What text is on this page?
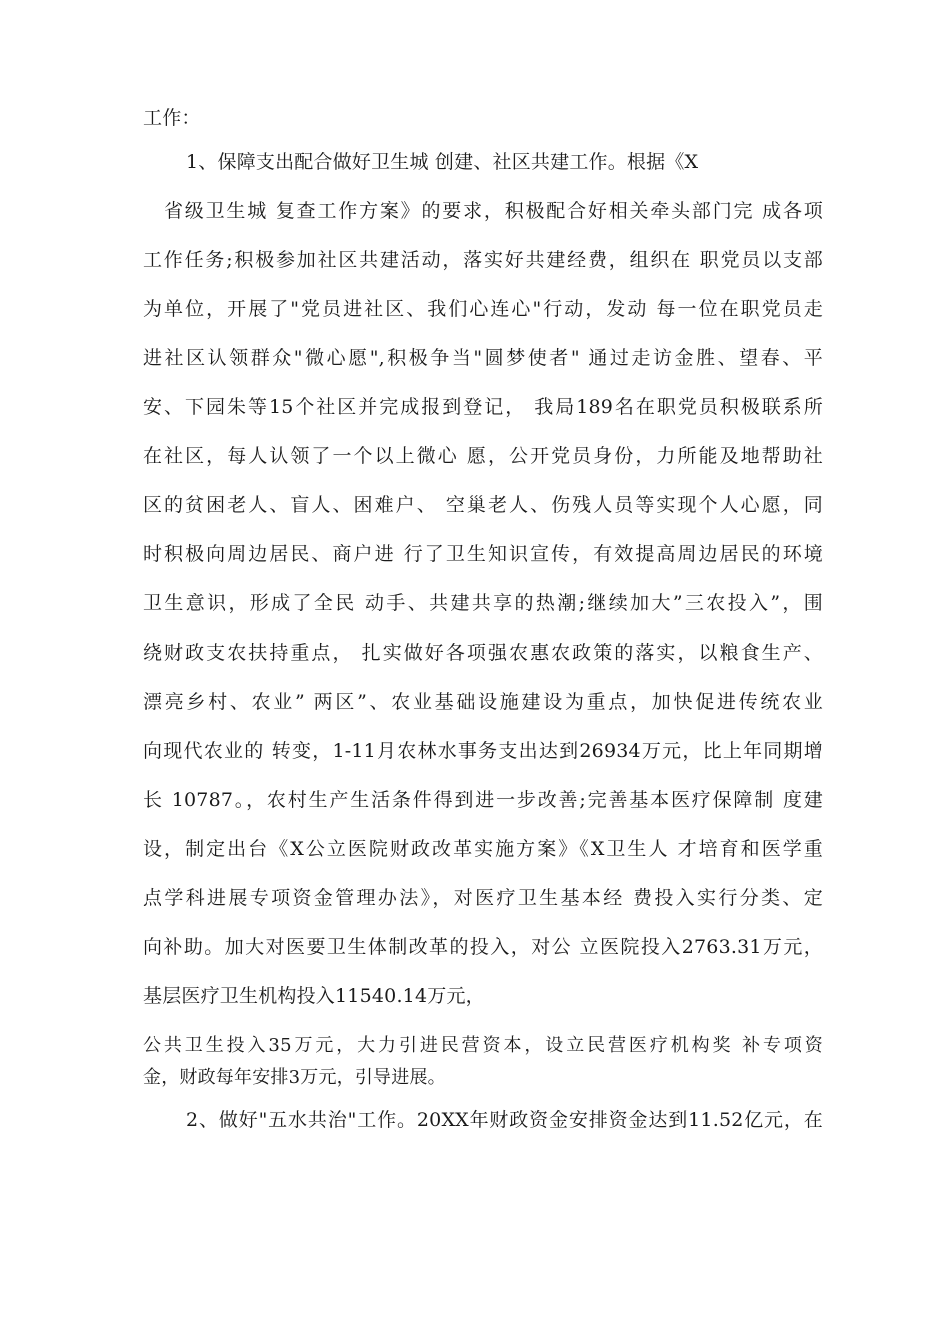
工作：
1、保障支出配合做好卫生城 创建、社区共建工作。根据《X
省级卫生城 复查工作方案》的要求，积极配合好相关牵头部门完 成各项
工作任务;积极参加社区共建活动，落实好共建经费，组织在 职党员以支部
为单位，开展了"党员进社区、我们心连心"行动，发动 每一位在职党员走
进社区认领群众"微心愿",积极争当"圆梦使者" 通过走访金胜、望春、平
安、下园朱等15个社区并完成报到登记， 我局189名在职党员积极联系所
在社区，每人认领了一个以上微心 愿，公开党员身份，力所能及地帮助社
区的贫困老人、盲人、困难户、 空巢老人、伤残人员等实现个人心愿，同
时积极向周边居民、商户进 行了卫生知识宣传，有效提高周边居民的环境
卫生意识，形成了全民 动手、共建共享的热潮;继续加大”三农投入”，围
绕财政支农扶持重点， 扎实做好各项强农惠农政策的落实，以粮食生产、
漂亮乡村、农业” 两区”、农业基础设施建设为重点，加快促进传统农业
向现代农业的 转变，1-11月农林水事务支出达到26934万元，比上年同期增
长 10787。，农村生产生活条件得到进一步改善;完善基本医疗保障制 度建
设，制定出台《X公立医院财政改革实施方案》《X卫生人 才培育和医学重
点学科进展专项资金管理办法》，对医疗卫生基本经 费投入实行分类、定
向补助。加大对医要卫生体制改革的投入，对公 立医院投入2763.31万元，
基层医疗卫生机构投入11540.14万元，
公共卫生投入35万元，大力引进民营资本，设立民营医疗机构奖 补专项资
金，财政每年安排3万元，引导进展。
2、做好"五水共治"工作。20XX年财政资金安排资金达到11.52亿元，在
